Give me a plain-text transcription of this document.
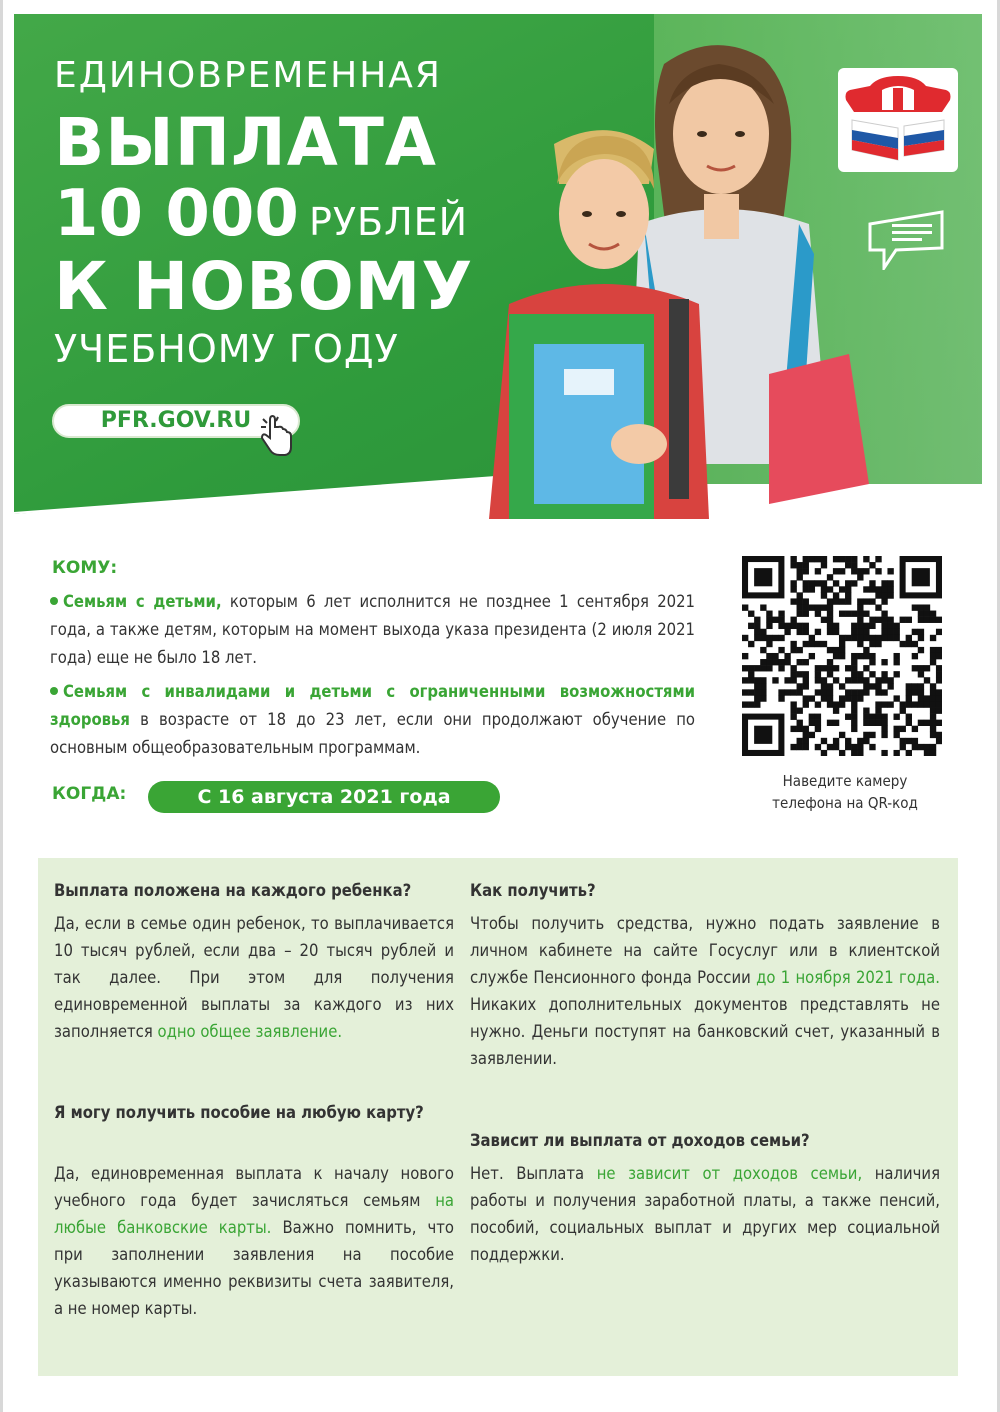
ЕДИНОВРЕМЕННАЯ
ВЫПЛАТА
10 000 РУБЛЕЙ
К НОВОМУ
УЧЕБНОМУ ГОДУ
PFR.GOV.RU

КОМУ:

Семьям с детьми, которым 6 лет исполнится не позднее 1 сентября 2021 года, а также детям, которым на момент выхода указа президента (2 июля 2021 года) еще не было 18 лет.

Семьям с инвалидами и детьми с ограниченными возможностями здоровья в возрасте от 18 до 23 лет, если они продолжают обучение по основным общеобразовательным программам.

КОГДА:	С 16 августа 2021 года

Наведите камеру
телефона на QR-код

Выплата положена на каждого ребенка?

Да, если в семье один ребенок, то выплачивается 10 тысяч рублей, если два – 20 тысяч рублей и так далее. При этом для получения единовременной выплаты за каждого из них заполняется одно общее заявление.

Я могу получить пособие на любую карту?

Да, единовременная выплата к началу нового учебного года будет зачисляться семьям на любые банковские карты. Важно помнить, что при заполнении заявления на пособие указываются именно реквизиты счета заявителя, а не номер карты.

Как получить?

Чтобы получить средства, нужно подать заявление в личном кабинете на сайте Госуслуг или в клиентской службе Пенсионного фонда России до 1 ноября 2021 года. Никаких дополнительных документов представлять не нужно. Деньги поступят на банковский счет, указанный в заявлении.

Зависит ли выплата от доходов семьи?

Нет. Выплата не зависит от доходов семьи, наличия работы и получения заработной платы, а также пенсий, пособий, социальных выплат и других мер социальной поддержки.
